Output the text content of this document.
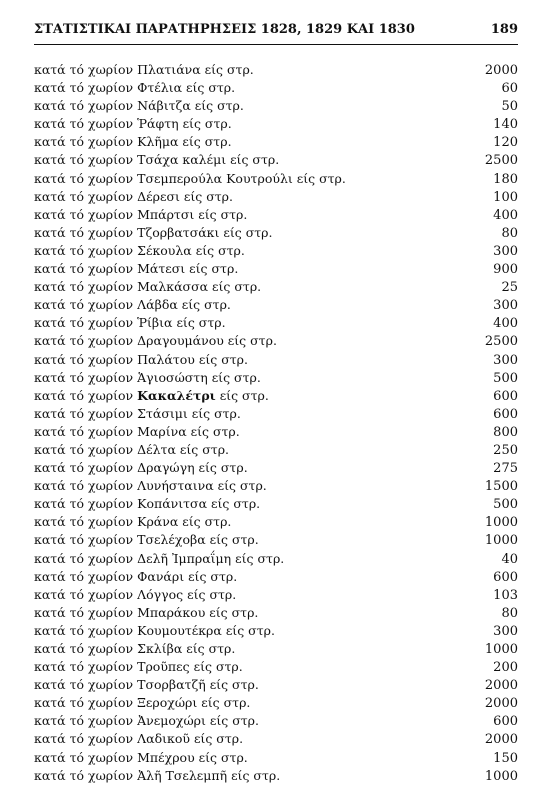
ΣΤΑΤΙΣΤΙΚΑΙ ΠΑΡΑΤΗΡΗΣΕΙΣ 1828, 1829 ΚΑΙ 1830	189
κατά τό χωρίον Πλατιάνα είς στρ.	2000
κατά τό χωρίον Φτέλια είς στρ.	60
κατά τό χωρίον Νάβιτζα είς στρ.	50
κατά τό χωρίον Ῥάφτη είς στρ.	140
κατά τό χωρίον Κλῆμα είς στρ.	120
κατά τό χωρίον Τσάχα καλέμι είς στρ.	2500
κατά τό χωρίον Τσεμπερούλα Κουτρούλι είς στρ.	180
κατά τό χωρίον Δέρεσι είς στρ.	100
κατά τό χωρίον Μπάρτσι είς στρ.	400
κατά τό χωρίον Τζορβατσάκι είς στρ.	80
κατά τό χωρίον Σέκουλα είς στρ.	300
κατά τό χωρίον Μάτεσι είς στρ.	900
κατά τό χωρίον Μαλκάσσα είς στρ.	25
κατά τό χωρίον Λάβδα είς στρ.	300
κατά τό χωρίον Ῥίβια είς στρ.	400
κατά τό χωρίον Δραγουμάνου είς στρ.	2500
κατά τό χωρίον Παλάτου είς στρ.	300
κατά τό χωρίον Ἁγιοσώστη είς στρ.	500
κατά τό χωρίον Κακαλέτρι είς στρ.	600
κατά τό χωρίον Στάσιμι είς στρ.	600
κατά τό χωρίον Μαρίνα είς στρ.	800
κατά τό χωρίον Δέλτα είς στρ.	250
κατά τό χωρίον Δραγώγη είς στρ.	275
κατά τό χωρίον Λυνήσταινα είς στρ.	1500
κατά τό χωρίον Κοπάνιτσα είς στρ.	500
κατά τό χωρίον Κράνα είς στρ.	1000
κατά τό χωρίον Τσελέχοβα είς στρ.	1000
κατά τό χωρίον Δελῆ Ἰμπραΐμη είς στρ.	40
κατά τό χωρίον Φανάρι είς στρ.	600
κατά τό χωρίον Λόγγος είς στρ.	103
κατά τό χωρίον Μπαράκου είς στρ.	80
κατά τό χωρίον Κουμουτέκρα είς στρ.	300
κατά τό χωρίον Σκλίβα είς στρ.	1000
κατά τό χωρίον Τροῦπες είς στρ.	200
κατά τό χωρίον Τσορβατζῆ είς στρ.	2000
κατά τό χωρίον Ξεροχώρι είς στρ.	2000
κατά τό χωρίον Ἀνεμοχώρι είς στρ.	600
κατά τό χωρίον Λαδικοῦ είς στρ.	2000
κατά τό χωρίον Μπέχρου είς στρ.	150
κατά τό χωρίον Ἀλῆ Τσελεμπῆ είς στρ.	1000
